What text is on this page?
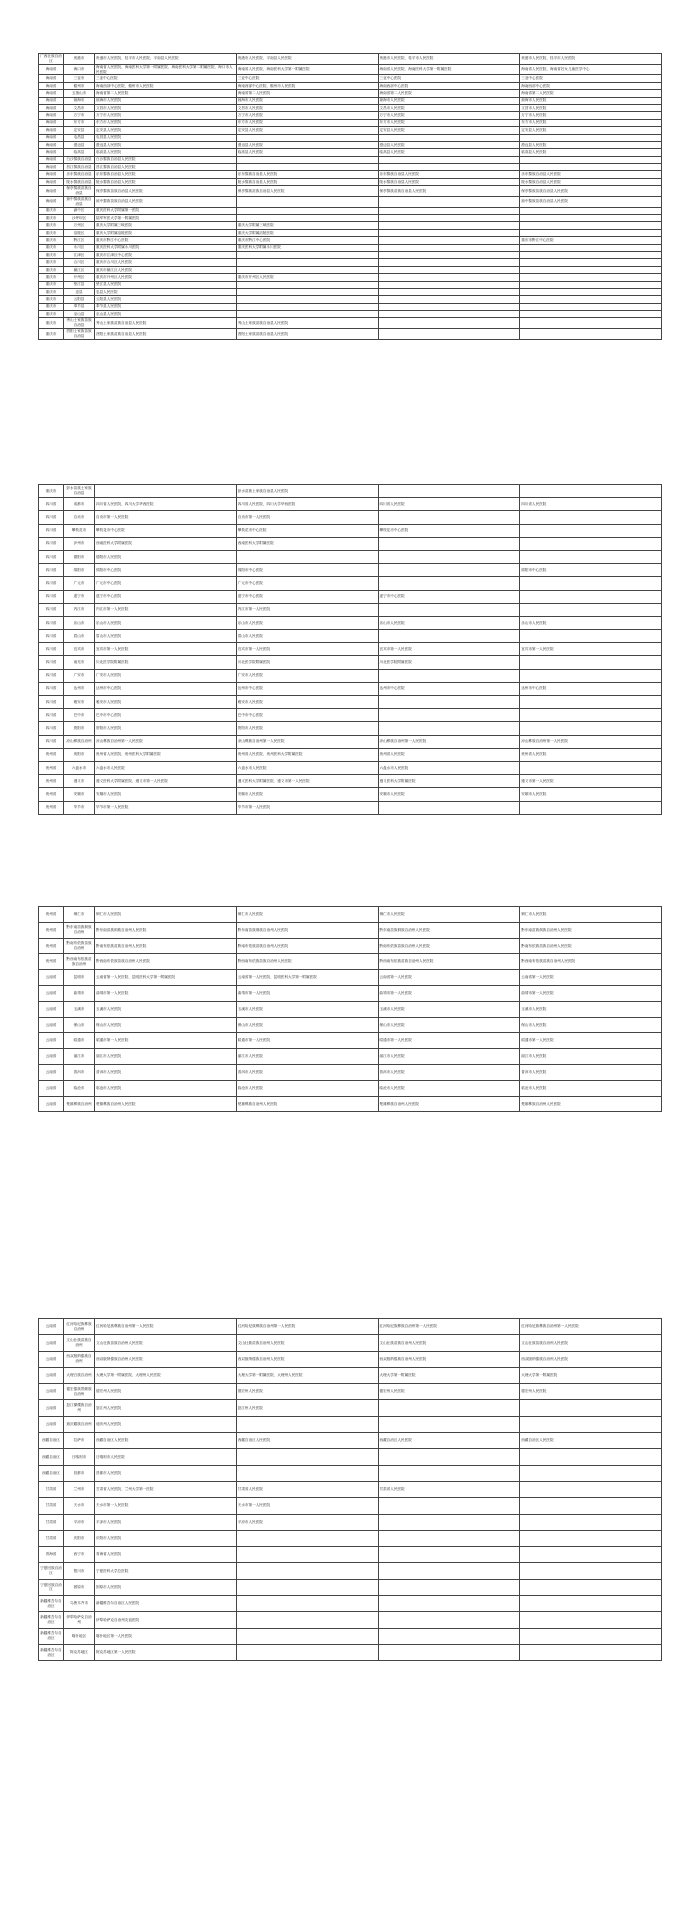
广西壮族自治区	贵港市	贵港市人民医院、桂平市人民医院、平南县人民医院	贵港市人民医院、平南县人民医院	贵港市人民医院、桂平市人民医院	贵港市人民医院、桂平市人民医院
海南省	海口市	海南省人民医院、海南医科大学第一附属医院、海南医科大学第二附属医院、海口市人民医院	海南省人民医院、海南医科大学第一附属医院	海南省人民医院、海南医科大学第一附属医院	海南省人民医院、海南省妇女儿童医学中心
海南省	三亚市	三亚中心医院	三亚中心医院	三亚中心医院	三亚中心医院
海南省	儋州市	海南西部中心医院、儋州市人民医院	海南西部中心医院、儋州市人民医院	海南西部中心医院	海南西部中心医院
海南省	五指山市	海南省第二人民医院	海南省第二人民医院	海南省第二人民医院	海南省第二人民医院
海南省	琼海市	琼海市人民医院	琼海市人民医院	琼海市人民医院	琼海市人民医院
海南省	文昌市	文昌市人民医院	文昌市人民医院	文昌市人民医院	文昌市人民医院
海南省	万宁市	万宁市人民医院	万宁市人民医院	万宁市人民医院	万宁市人民医院
海南省	东方市	东方市人民医院	东方市人民医院	东方市人民医院	东方市人民医院
海南省	定安县	定安县人民医院	定安县人民医院	定安县人民医院	定安县人民医院
海南省	屯昌县	屯昌县人民医院			
海南省	澄迈县	澄迈县人民医院	澄迈县人民医院	澄迈县人民医院	澄迈县人民医院
海南省	临高县	临高县人民医院	临高县人民医院	临高县人民医院	临高县人民医院
海南省	白沙黎族自治县	白沙黎族自治县人民医院			
海南省	昌江黎族自治县	昌江黎族自治县人民医院			
海南省	乐东黎族自治县	乐东黎族自治县人民医院	乐东黎族自治县人民医院	乐东黎族自治县人民医院	乐东黎族自治县人民医院
海南省	陵水黎族自治县	陵水黎族自治县人民医院	陵水黎族自治县人民医院	陵水黎族自治县人民医院	陵水黎族自治县人民医院
海南省	保亭黎族苗族自治县	保亭黎族苗族自治县人民医院	保亭黎族苗族自治县人民医院	保亭黎族苗族自治县人民医院	保亭黎族苗族自治县人民医院
海南省	琼中黎族苗族自治县	琼中黎族苗族自治县人民医院			琼中黎族苗族自治县人民医院
重庆市	渝中区	重庆医科大学附属第一医院			
重庆市	沙坪坝区	陆军军医大学第一附属医院			
重庆市	万州区	重庆大学附属三峡医院	重庆大学附属三峡医院		
重庆市	涪陵区	重庆大学附属涪陵医院	重庆大学附属涪陵医院		
重庆市	黔江区	重庆市黔江中心医院	重庆市黔江中心医院		重庆市黔江中心医院
重庆市	永川区	重庆医科大学附属永川医院	重庆医科大学附属永川医院		
重庆市	江津区	重庆市江津区中心医院			
重庆市	合川区	重庆市合川区人民医院			
重庆市	綦江区	重庆市綦江区人民医院			
重庆市	开州区	重庆市开州区人民医院	重庆市开州区人民医院		
重庆市	垫江县	垫江县人民医院			
重庆市	忠县	忠县人民医院			
重庆市	云阳县	云阳县人民医院			
重庆市	奉节县	奉节县人民医院			
重庆市	巫山县	巫山县人民医院			
重庆市	秀山土家族苗族自治县	秀山土家族苗族自治县人民医院	秀山土家族苗族自治县人民医院		
重庆市	酉阳土家族苗族自治县	酉阳土家族苗族自治县人民医院	酉阳土家族苗族自治县人民医院		
重庆市	彭水苗族土家族自治县		彭水苗族土家族自治县人民医院		
四川省	成都市	四川省人民医院、四川大学华西医院	四川省人民医院、四川大学华西医院	四川省人民医院	四川省人民医院
四川省	自贡市	自贡市第一人民医院	自贡市第一人民医院		
四川省	攀枝花市	攀枝花市中心医院	攀枝花市中心医院	攀枝花市中心医院	
四川省	泸州市	西南医科大学附属医院	西南医科大学附属医院		
四川省	德阳市	德阳市人民医院			
四川省	绵阳市	绵阳市中心医院	绵阳市中心医院		绵阳市中心医院
四川省	广元市	广元市中心医院	广元市中心医院		
四川省	遂宁市	遂宁市中心医院	遂宁市中心医院	遂宁市中心医院	
四川省	内江市	内江市第一人民医院	内江市第一人民医院		
四川省	乐山市	乐山市人民医院	乐山市人民医院	乐山市人民医院	乐山市人民医院
四川省	眉山市	眉山市人民医院	眉山市人民医院		
四川省	宜宾市	宜宾市第一人民医院	宜宾市第一人民医院	宜宾市第一人民医院	宜宾市第一人民医院
四川省	南充市	川北医学院附属医院	川北医学院附属医院	川北医学院附属医院	
四川省	广安市	广安市人民医院	广安市人民医院		
四川省	达州市	达州市中心医院	达州市中心医院	达州市中心医院	达州市中心医院
四川省	雅安市	雅安市人民医院	雅安市人民医院		
四川省	巴中市	巴中市中心医院	巴中市中心医院		
四川省	资阳市	资阳市人民医院	资阳市人民医院		
四川省	凉山彝族自治州	凉山彝族自治州第一人民医院	凉山彝族自治州第一人民医院	凉山彝族自治州第一人民医院	凉山彝族自治州第一人民医院
贵州省	贵阳市	贵州省人民医院、贵州医科大学附属医院	贵州省人民医院、贵州医科大学附属医院	贵州省人民医院	贵州省人民医院
贵州省	六盘水市	六盘水市人民医院	六盘水市人民医院	六盘水市人民医院	
贵州省	遵义市	遵义医科大学附属医院、遵义市第一人民医院	遵义医科大学附属医院、遵义市第一人民医院	遵义医科大学附属医院	遵义市第一人民医院
贵州省	安顺市	安顺市人民医院	安顺市人民医院	安顺市人民医院	安顺市人民医院
贵州省	毕节市	毕节市第一人民医院	毕节市第一人民医院		
贵州省	铜仁市	铜仁市人民医院	铜仁市人民医院	铜仁市人民医院	铜仁市人民医院
贵州省	黔东南苗族侗族自治州	黔东南苗族侗族自治州人民医院	黔东南苗族侗族自治州人民医院	黔东南苗族侗族自治州人民医院	黔东南苗族侗族自治州人民医院
贵州省	黔南布依族苗族自治州	黔南布依族苗族自治州人民医院	黔南布依族苗族自治州人民医院	黔南布依族苗族自治州人民医院	黔南布依族苗族自治州人民医院
贵州省	黔西南布依族苗族自治州	黔西南布依族苗族自治州人民医院	黔西南布依族苗族自治州人民医院	黔西南布依族苗族自治州人民医院	黔西南布依族苗族自治州人民医院
云南省	昆明市	云南省第一人民医院、昆明医科大学第一附属医院	云南省第一人民医院、昆明医科大学第一附属医院	云南省第一人民医院	云南省第一人民医院
云南省	曲靖市	曲靖市第一人民医院	曲靖市第一人民医院	曲靖市第一人民医院	曲靖市第一人民医院
云南省	玉溪市	玉溪市人民医院	玉溪市人民医院	玉溪市人民医院	玉溪市人民医院
云南省	保山市	保山市人民医院	保山市人民医院	保山市人民医院	保山市人民医院
云南省	昭通市	昭通市第一人民医院	昭通市第一人民医院	昭通市第一人民医院	昭通市第一人民医院
云南省	丽江市	丽江市人民医院	丽江市人民医院	丽江市人民医院	丽江市人民医院
云南省	普洱市	普洱市人民医院	普洱市人民医院	普洱市人民医院	普洱市人民医院
云南省	临沧市	临沧市人民医院	临沧市人民医院	临沧市人民医院	临沧市人民医院
云南省	楚雄彝族自治州	楚雄彝族自治州人民医院	楚雄彝族自治州人民医院	楚雄彝族自治州人民医院	楚雄彝族自治州人民医院
云南省	红河哈尼族彝族自治州	红河哈尼族彝族自治州第一人民医院	红河哈尼族彝族自治州第一人民医院	红河哈尼族彝族自治州第一人民医院	红河哈尼族彝族自治州第一人民医院
云南省	文山壮族苗族自治州	文山壮族苗族自治州人民医院	文山壮族苗族自治州人民医院	文山壮族苗族自治州人民医院	文山壮族苗族自治州人民医院
云南省	西双版纳傣族自治州	西双版纳傣族自治州人民医院	西双版纳傣族自治州人民医院	西双版纳傣族自治州人民医院	西双版纳傣族自治州人民医院
云南省	大理白族自治州	大理大学第一附属医院、大理州人民医院	大理大学第一附属医院、大理州人民医院	大理大学第一附属医院	大理大学第一附属医院
云南省	德宏傣族景颇族自治州	德宏州人民医院	德宏州人民医院	德宏州人民医院	德宏州人民医院
云南省	怒江傈僳族自治州	怒江州人民医院	怒江州人民医院		
云南省	迪庆藏族自治州	迪庆州人民医院			
西藏自治区	拉萨市	西藏自治区人民医院	西藏自治区人民医院	西藏自治区人民医院	西藏自治区人民医院
西藏自治区	日喀则市	日喀则市人民医院			
西藏自治区	昌都市	昌都市人民医院			
甘肃省	兰州市	甘肃省人民医院、兰州大学第一医院	甘肃省人民医院	甘肃省人民医院	
甘肃省	天水市	天水市第一人民医院	天水市第一人民医院		
甘肃省	平凉市	平凉市人民医院	平凉市人民医院		
甘肃省	庆阳市	庆阳市人民医院			
青海省	西宁市	青海省人民医院			
宁夏回族自治区	银川市	宁夏医科大学总医院			
宁夏回族自治区	固原市	固原市人民医院			
新疆维吾尔自治区	乌鲁木齐市	新疆维吾尔自治区人民医院			
新疆维吾尔自治区	伊犁哈萨克自治州	伊犁哈萨克自治州友谊医院			
新疆维吾尔自治区	喀什地区	喀什地区第一人民医院			
新疆维吾尔自治区	阿克苏地区	阿克苏地区第一人民医院			
